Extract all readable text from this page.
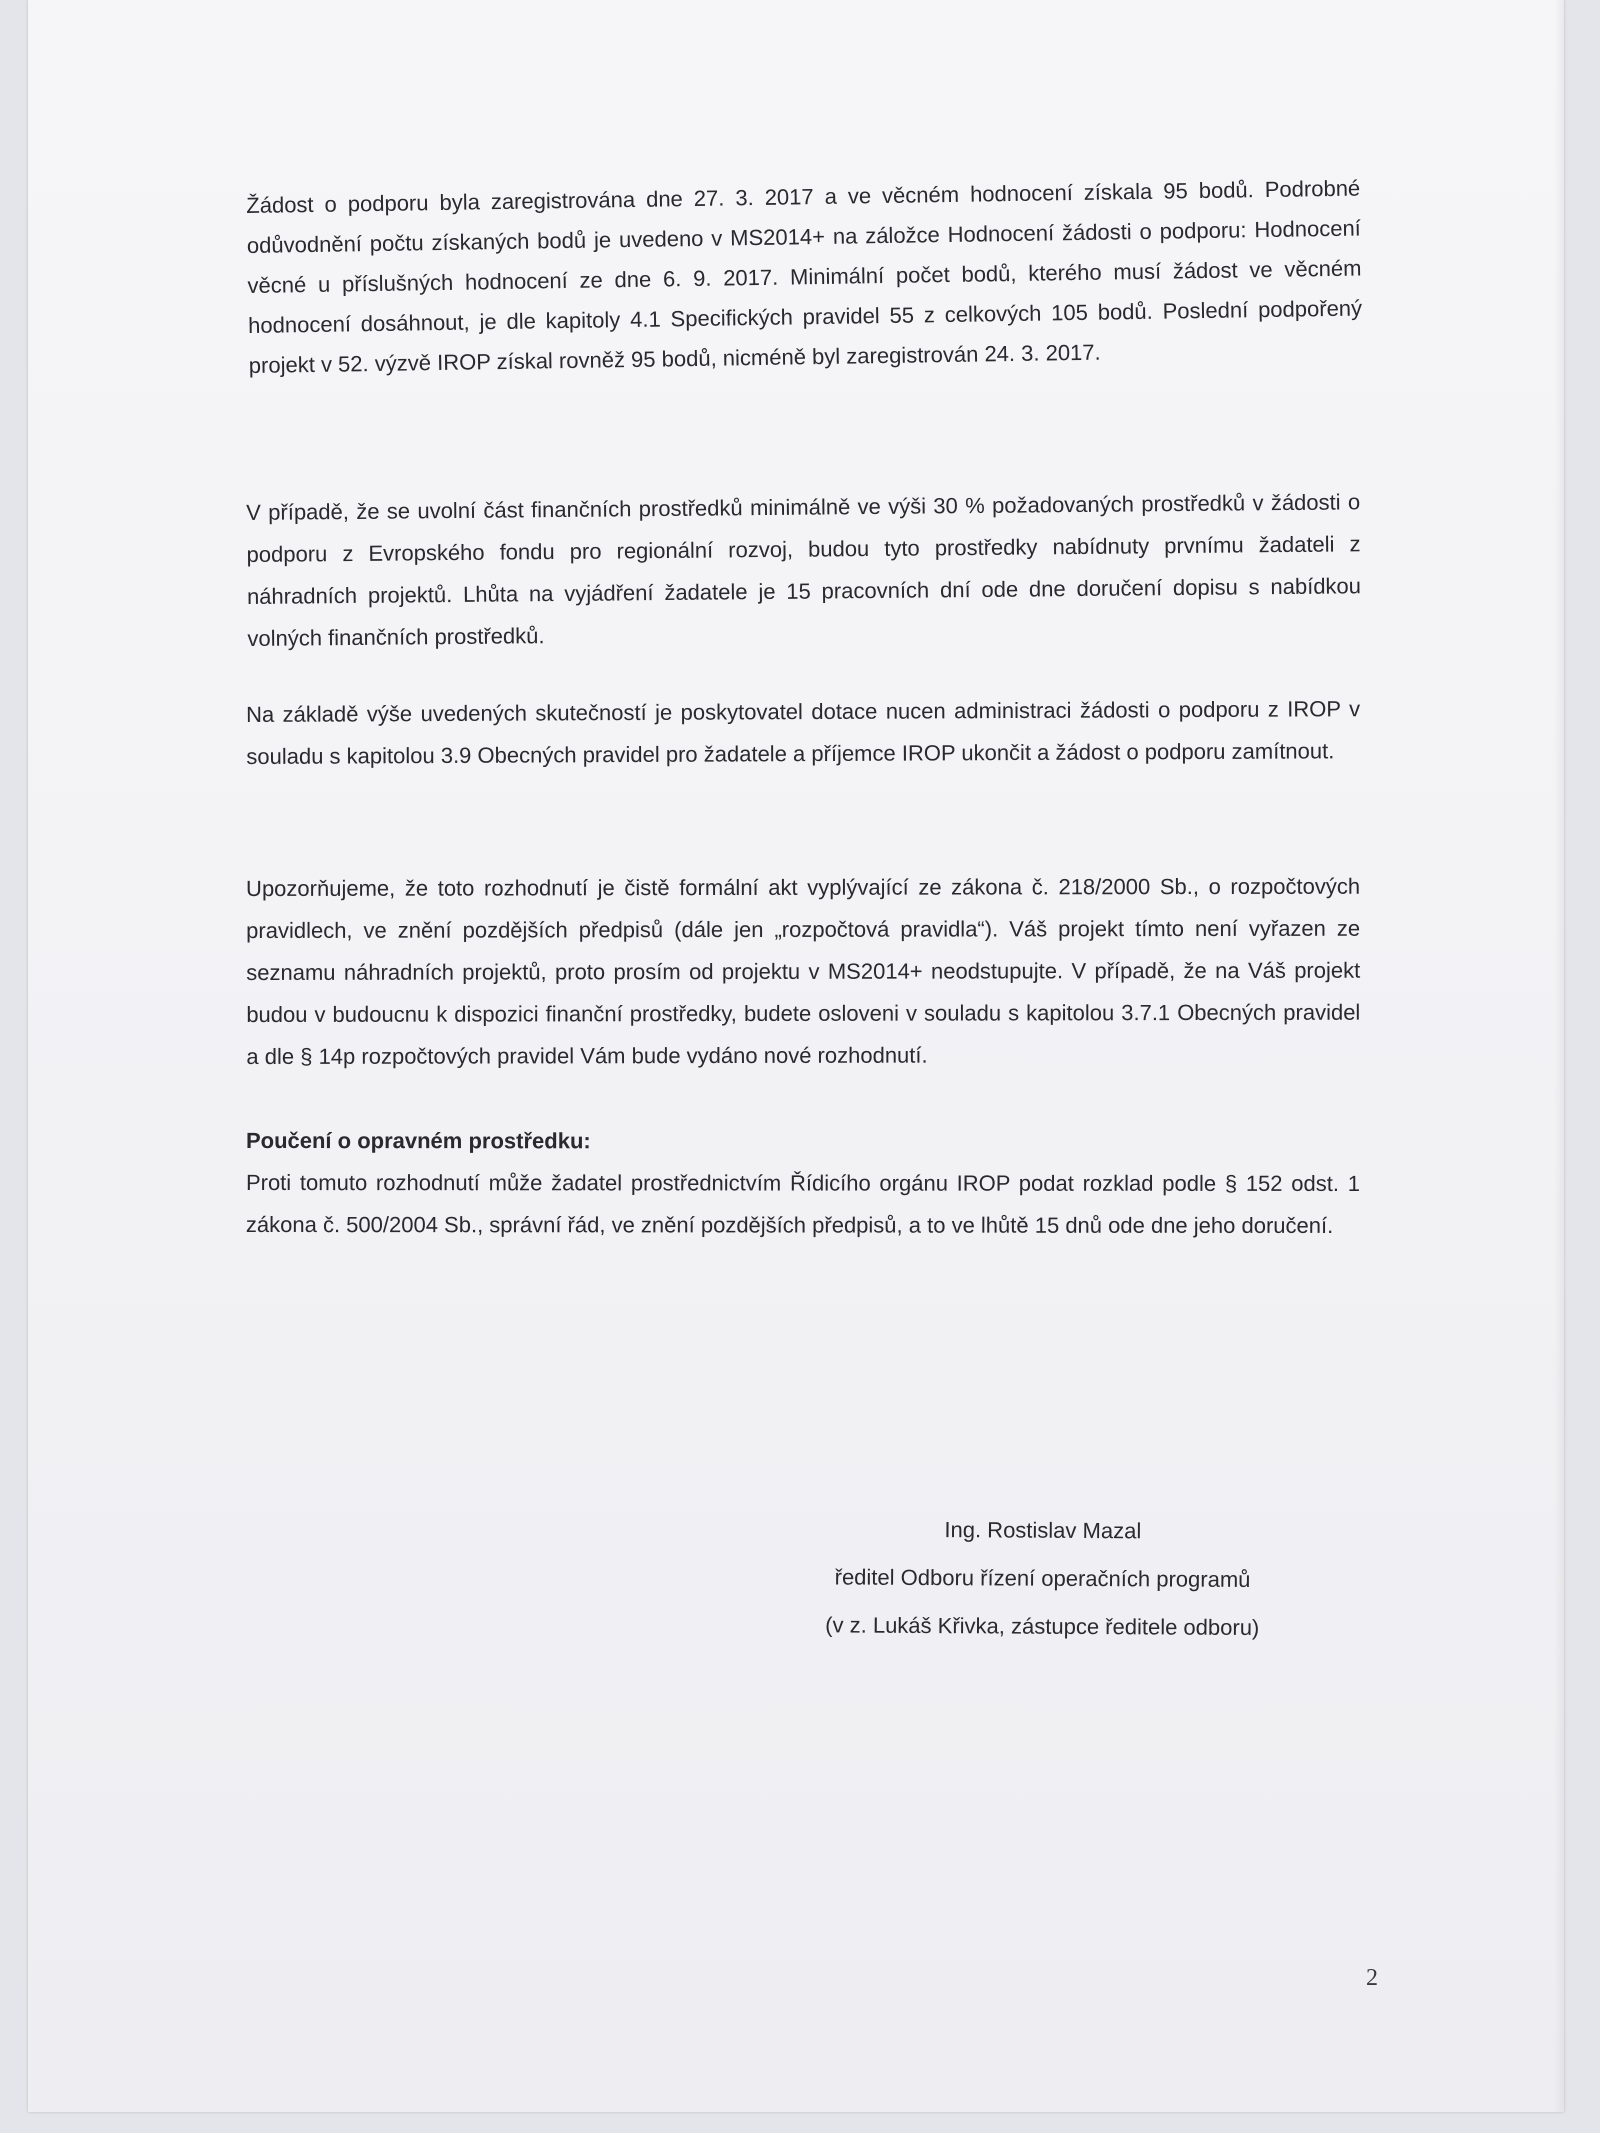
Žádost o podporu byla zaregistrována dne 27. 3. 2017 a ve věcném hodnocení získala 95 bodů. Podrobné odůvodnění počtu získaných bodů je uvedeno v MS2014+ na záložce Hodnocení žádosti o podporu: Hodnocení věcné u příslušných hodnocení ze dne 6. 9. 2017. Minimální počet bodů, kterého musí žádost ve věcném hodnocení dosáhnout, je dle kapitoly 4.1 Specifických pravidel 55 z celkových 105 bodů. Poslední podpořený projekt v 52. výzvě IROP získal rovněž 95 bodů, nicméně byl zaregistrován 24. 3. 2017.

V případě, že se uvolní část finančních prostředků minimálně ve výši 30 % požadovaných prostředků v žádosti o podporu z Evropského fondu pro regionální rozvoj, budou tyto prostředky nabídnuty prvnímu žadateli z náhradních projektů. Lhůta na vyjádření žadatele je 15 pracovních dní ode dne doručení dopisu s nabídkou volných finančních prostředků.

Na základě výše uvedených skutečností je poskytovatel dotace nucen administraci žádosti o podporu z IROP v souladu s kapitolou 3.9 Obecných pravidel pro žadatele a příjemce IROP ukončit a žádost o podporu zamítnout.

Upozorňujeme, že toto rozhodnutí je čistě formální akt vyplývající ze zákona č. 218/2000 Sb., o rozpočtových pravidlech, ve znění pozdějších předpisů (dále jen „rozpočtová pravidla“). Váš projekt tímto není vyřazen ze seznamu náhradních projektů, proto prosím od projektu v MS2014+ neodstupujte. V případě, že na Váš projekt budou v budoucnu k dispozici finanční prostředky, budete osloveni v souladu s kapitolou 3.7.1 Obecných pravidel a dle § 14p rozpočtových pravidel Vám bude vydáno nové rozhodnutí.

Poučení o opravném prostředku:
Proti tomuto rozhodnutí může žadatel prostřednictvím Řídicího orgánu IROP podat rozklad podle § 152 odst. 1 zákona č. 500/2004 Sb., správní řád, ve znění pozdějších předpisů, a to ve lhůtě 15 dnů ode dne jeho doručení.

Ing. Rostislav Mazal
ředitel Odboru řízení operačních programů
(v z. Lukáš Křivka, zástupce ředitele odboru)
2
